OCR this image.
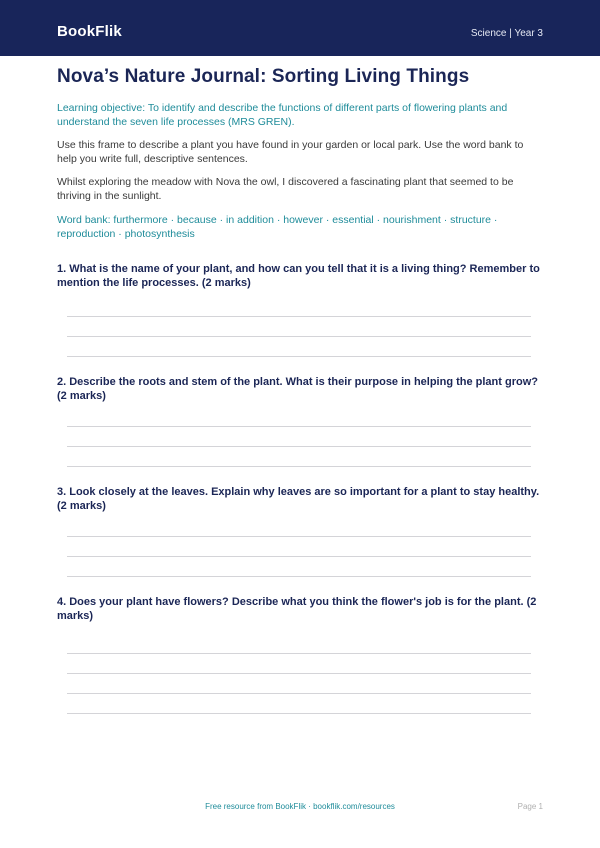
BookFlik	Science | Year 3
Nova’s Nature Journal: Sorting Living Things

Learning objective: To identify and describe the functions of different parts of flowering plants and understand the seven life processes (MRS GREN).

Use this frame to describe a plant you have found in your garden or local park. Use the word bank to help you write full, descriptive sentences.

Whilst exploring the meadow with Nova the owl, I discovered a fascinating plant that seemed to be thriving in the sunlight.

Word bank: furthermore · because · in addition · however · essential · nourishment · structure · reproduction · photosynthesis

1. What is the name of your plant, and how can you tell that it is a living thing? Remember to mention the life processes. (2 marks)

2. Describe the roots and stem of the plant. What is their purpose in helping the plant grow? (2 marks)

3. Look closely at the leaves. Explain why leaves are so important for a plant to stay healthy. (2 marks)

4. Does your plant have flowers? Describe what you think the flower's job is for the plant. (2 marks)

Free resource from BookFlik · bookflik.com/resources	Page 1
